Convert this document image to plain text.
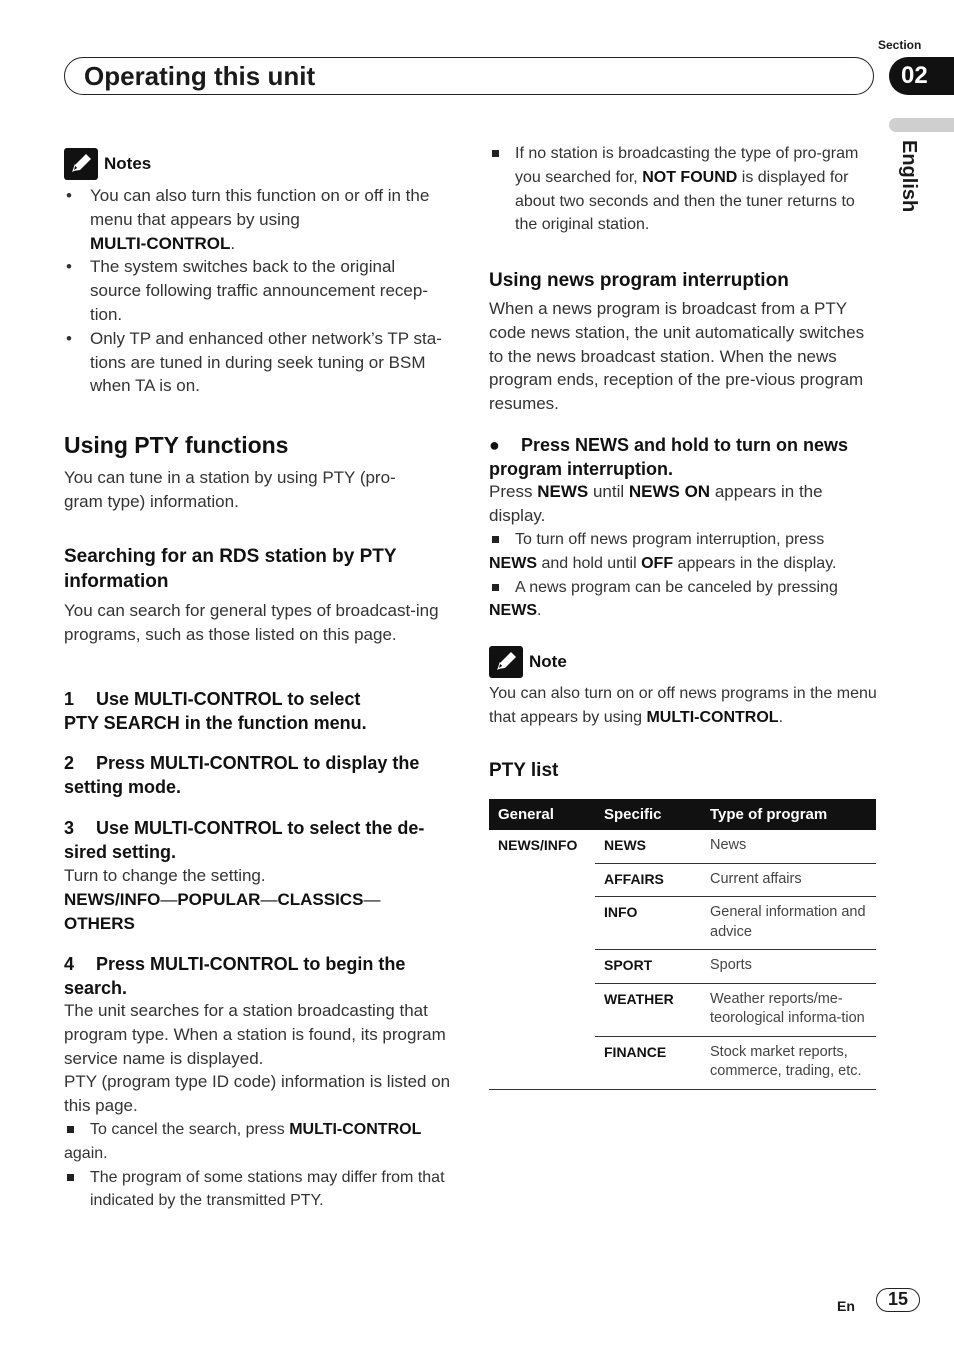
Section
Operating this unit	02
English
Notes
• You can also turn this function on or off in the menu that appears by using
MULTI-CONTROL.
• The system switches back to the original source following traffic announcement recep-tion.
• Only TP and enhanced other network’s TP sta-tions are tuned in during seek tuning or BSM when TA is on.
Using PTY functions
You can tune in a station by using PTY (pro-gram type) information.
Searching for an RDS station by PTY information
You can search for general types of broadcast-ing programs, such as those listed on this page.
1 Use MULTI-CONTROL to select PTY SEARCH in the function menu.
2 Press MULTI-CONTROL to display the setting mode.
3 Use MULTI-CONTROL to select the de-sired setting.
Turn to change the setting.
NEWS/INFO—POPULAR—CLASSICS—
OTHERS
4 Press MULTI-CONTROL to begin the search.
The unit searches for a station broadcasting that program type. When a station is found, its program service name is displayed.
PTY (program type ID code) information is listed on this page.
To cancel the search, press MULTI-CONTROL
again.
The program of some stations may differ from that indicated by the transmitted PTY.
If no station is broadcasting the type of pro-gram you searched for, NOT FOUND is displayed for about two seconds and then the tuner returns to the original station.
Using news program interruption
When a news program is broadcast from a PTY code news station, the unit automatically switches to the news broadcast station. When the news program ends, reception of the pre-vious program resumes.
● Press NEWS and hold to turn on news program interruption.
Press NEWS until NEWS ON appears in the display.
To turn off news program interruption, press
NEWS and hold until OFF appears in the display.
A news program can be canceled by pressing
NEWS.
Note
You can also turn on or off news programs in the menu that appears by using MULTI-CONTROL.
PTY list
General	Specific	Type of program
NEWS/INFO	NEWS	News
	AFFAIRS	Current affairs
	INFO	General information and advice
	SPORT	Sports
	WEATHER	Weather reports/me-teorological informa-tion
	FINANCE	Stock market reports, commerce, trading, etc.
En	15
